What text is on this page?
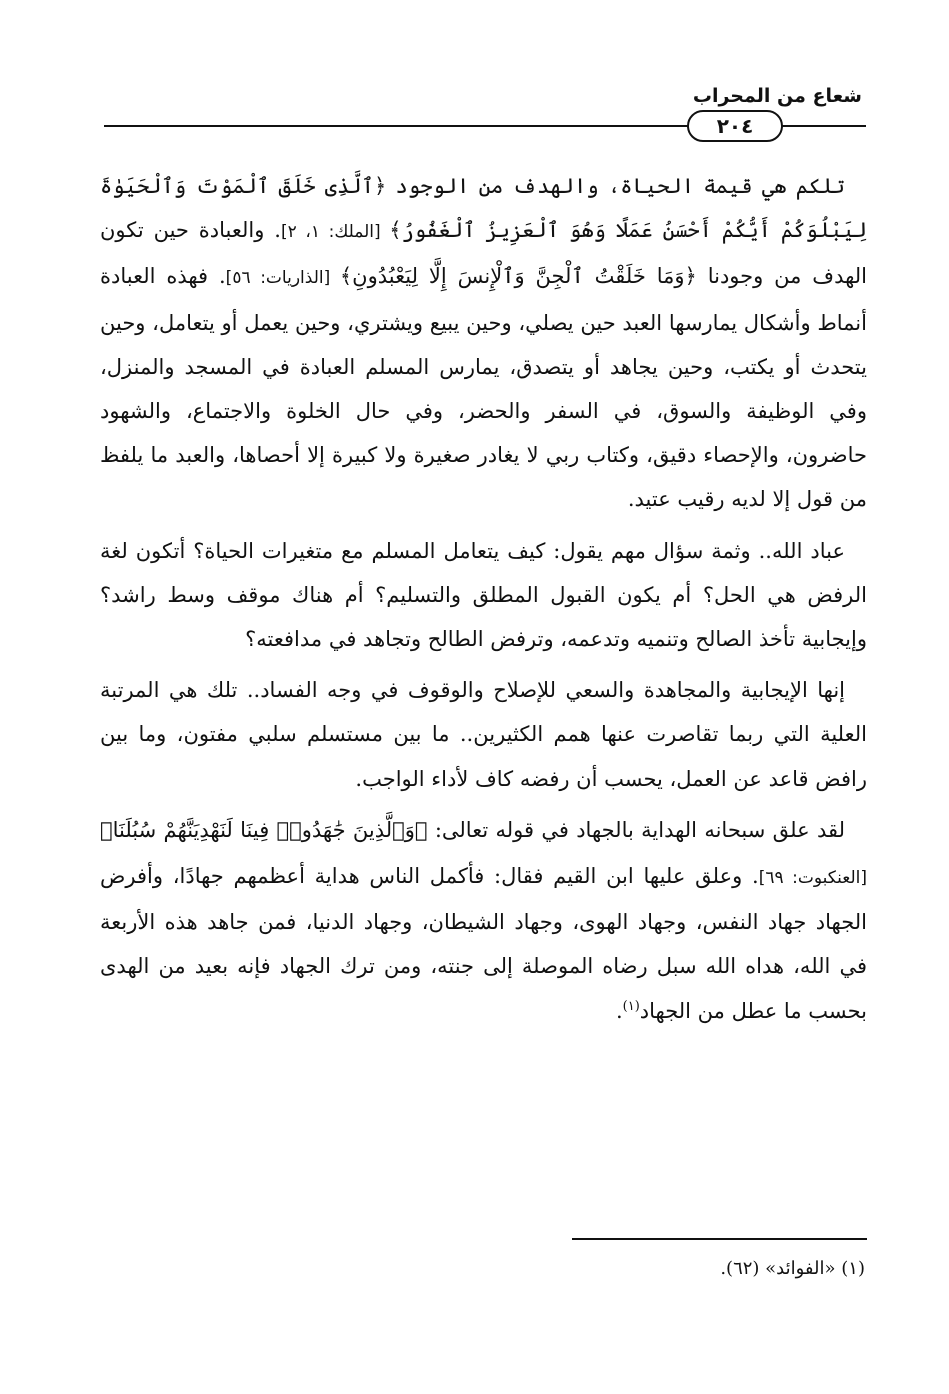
شعاع من المحراب
٢٠٤

تلكم هي قيمة الحياة، والهدف من الوجود ﴿ٱلَّذِى خَلَقَ ٱلْمَوْتَ وَٱلْحَيَوٰةَ لِيَبْلُوَكُمْ أَيُّكُمْ أَحْسَنُ عَمَلًا وَهُوَ ٱلْعَزِيزُ ٱلْغَفُورُ﴾ [الملك: ١، ٢]. والعبادة حين تكون الهدف من وجودنا ﴿وَمَا خَلَقْتُ ٱلْجِنَّ وَٱلْإِنسَ إِلَّا لِيَعْبُدُونِ﴾ [الذاريات: ٥٦]. فهذه العبادة أنماط وأشكال يمارسها العبد حين يصلي، وحين يبيع ويشتري، وحين يعمل أو يتعامل، وحين يتحدث أو يكتب، وحين يجاهد أو يتصدق، يمارس المسلم العبادة في المسجد والمنزل، وفي الوظيفة والسوق، في السفر والحضر، وفي حال الخلوة والاجتماع، والشهود حاضرون، والإحصاء دقيق، وكتاب ربي لا يغادر صغيرة ولا كبيرة إلا أحصاها، والعبد ما يلفظ من قول إلا لديه رقيب عتيد.

عباد الله.. وثمة سؤال مهم يقول: كيف يتعامل المسلم مع متغيرات الحياة؟ أتكون لغة الرفض هي الحل؟ أم يكون القبول المطلق والتسليم؟ أم هناك موقف وسط راشد؟ وإيجابية تأخذ الصالح وتنميه وتدعمه، وترفض الطالح وتجاهد في مدافعته؟

إنها الإيجابية والمجاهدة والسعي للإصلاح والوقوف في وجه الفساد.. تلك هي المرتبة العلية التي ربما تقاصرت عنها همم الكثيرين.. ما بين مستسلم سلبي مفتون، وما بين رافض قاعد عن العمل، يحسب أن رفضه كاف لأداء الواجب.

لقد علق سبحانه الهداية بالجهاد في قوله تعالى: ﴿وَٱلَّذِينَ جَٰهَدُوا۟ فِينَا لَنَهْدِيَنَّهُمْ سُبُلَنَا﴾ [العنكبوت: ٦٩]. وعلق عليها ابن القيم فقال: فأكمل الناس هداية أعظمهم جهادًا، وأفرض الجهاد جهاد النفس، وجهاد الهوى، وجهاد الشيطان، وجهاد الدنيا، فمن جاهد هذه الأربعة في الله، هداه الله سبل رضاه الموصلة إلى جنته، ومن ترك الجهاد فإنه بعيد من الهدى بحسب ما عطل من الجهاد$^{(١)}$.

(١) «الفوائد» (٦٢).
